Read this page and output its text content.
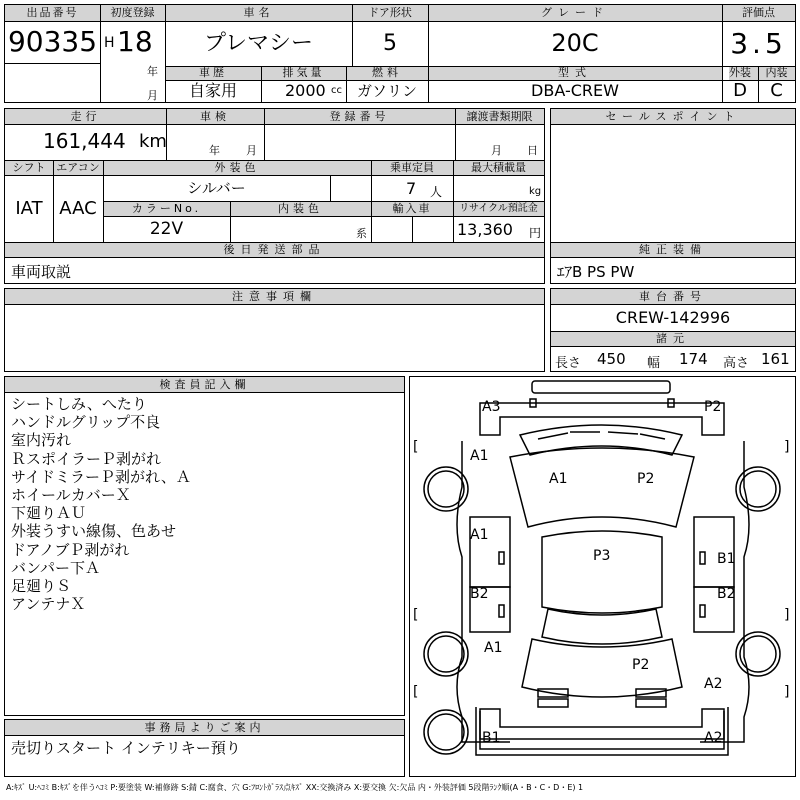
出品番号
90335
初度登録
H 18
年
月
車名
プレマシー
ドア形状
5
グレード
20C
評価点
3.5
車歴
自家用
排気量
2000 cc
燃料
ガソリン
型式
DBA-CREW
外装	内装
D	C
走行
161,444 km
車検
年 月
登録番号	譲渡書類期限
月 日
シフト
IAT
エアコン
AAC
外装色
シルバー
乗車定員
7 人
最大積載量
kg
カラーNo.
22V
内装色
系
輸入車	リサイクル預託金
13,360 円
後日発送部品
車両取説
セールスポイント
純正装備
ｴｱB PS PW
注意事項欄	車台番号
CREW-142996
諸元
長さ 450 幅 174 高さ 161
検査員記入欄
シートしみ、へたり
ハンドルグリップ不良
室内汚れ
ＲスポイラーＰ剥がれ
サイドミラーＰ剥がれ、Ａ
ホイールカバーＸ
下廻りＡＵ
外装うすい線傷、色あせ
ドアノブＰ剥がれ
バンパー下Ａ
足廻りＳ
アンテナＸ
事務局よりご案内
売切りスタート インテリキー預り
A3	P2
A1
A1	P2
A1
P3	B1
B2	B2
A1
P2
A2
B1	A2
[	]
[	]
[	]
A:ｷｽﾞ U:ﾍｺﾐ B:ｷｽﾞを伴うﾍｺﾐ P:要塗装 W:補修跡 S:錆 C:腐食、穴 G:ﾌﾛﾝﾄｶﾞﾗｽ点ｷｽﾞ XX:交換済み X:要交換 欠:欠品 内・外装評価 5段階ﾗﾝｸ順(A・B・C・D・E) 1
